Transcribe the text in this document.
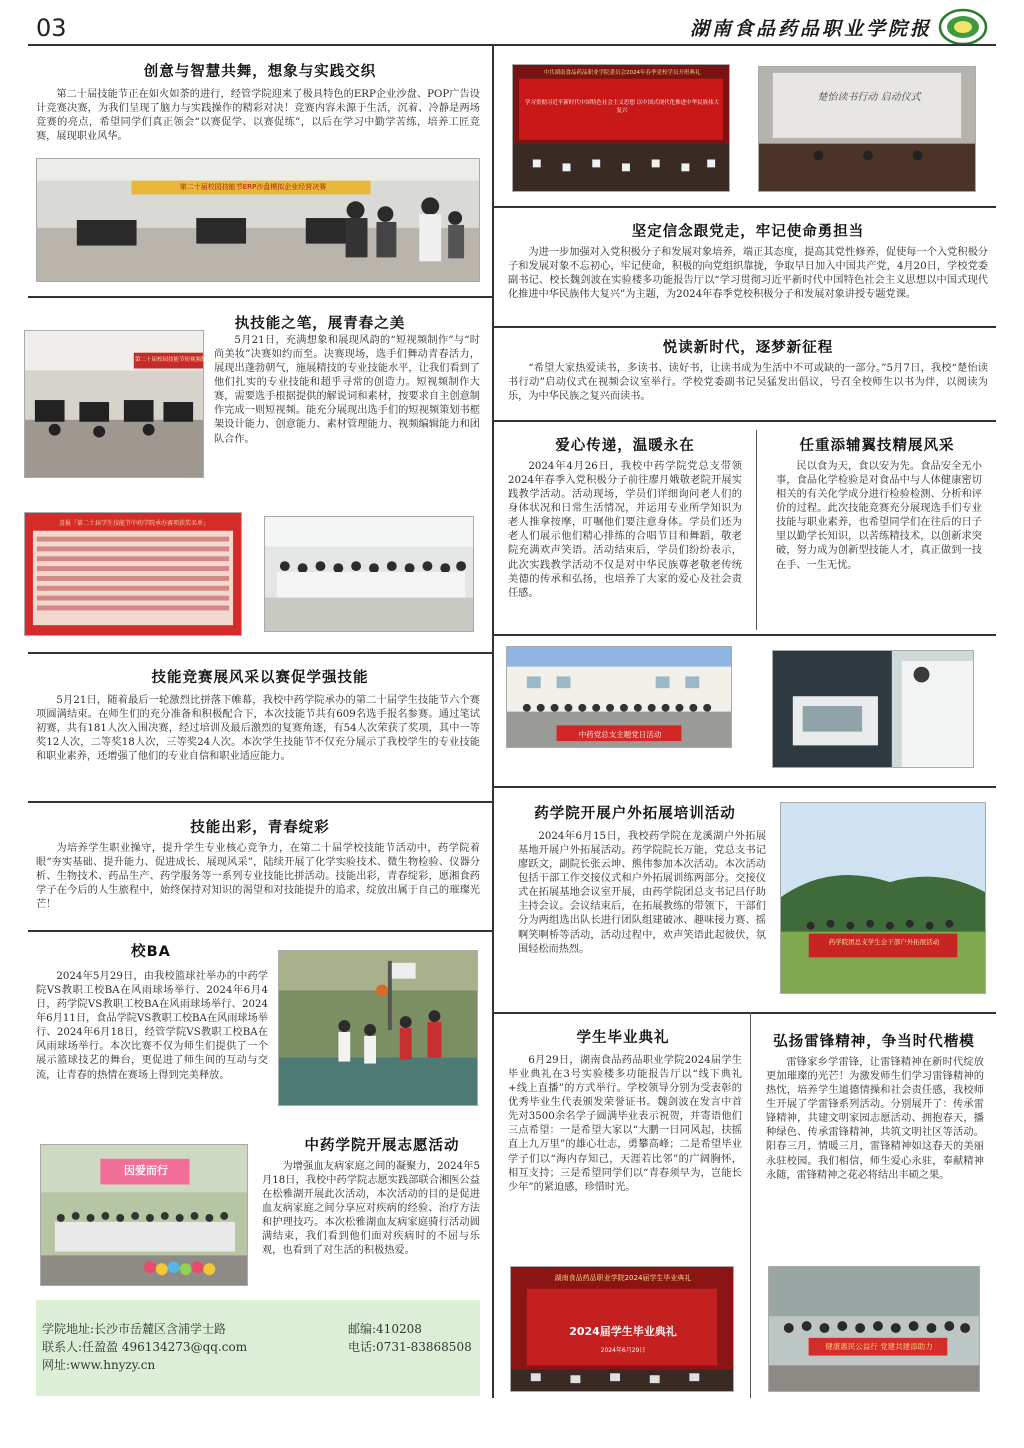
03	湖南食品药品职业学院报
创意与智慧共舞，想象与实践交织
第二十届技能节正在如火如荼的进行，经管学院迎来了极具特色的ERP企业沙盘、POP广告设计竞赛决赛，为我们呈现了脑力与实践操作的精彩对决！竞赛内容未源于生活，沉着、冷静是两场竞赛的亮点，希望同学们真正领会“以赛促学、以赛促练”，以后在学习中勤学苦练，培养工匠竞赛，展现职业风华。
第二十届校园技能节ERP沙盘模拟企业经营决赛
执技能之笔，展青春之美
第二十届校园技能节短视频制作与运营
5月21日，充满想象和展现风韵的“短视频制作”与“时尚美妆”决赛如约而至。决赛现场，选手们舞动青春活力，展现出蓬勃朝气，施展精技的专业技能水平，让我们看到了他们扎实的专业技能和超乎寻常的创造力。短视频制作大赛，需要选手根据提供的解说词和素材，按要求自主创意制作完成一则短视频。能充分展现出选手们的短视频策划书框架设计能力、创意能力、素材管理能力、视频编辑能力和团队合作。
喜报「第二十届学生技能节中药学院承办赛项获奖名单」
技能竞赛展风采以赛促学强技能
5月21日，随着最后一轮激烈比拼落下帷幕，我校中药学院承办的第二十届学生技能节六个赛项圆满结束。在师生们的充分准备和积极配合下，本次技能节共有609名选手报名参赛。通过笔试初赛，共有181人次入围决赛，经过培训及最后激烈的复赛角逐，有54人次荣获了奖项，其中一等奖12人次，二等奖18人次，三等奖24人次。本次学生技能节不仅充分展示了我校学生的专业技能和职业素养，还增强了他们的专业自信和职业适应能力。
技能出彩，青春绽彩
为培养学生职业操守，提升学生专业核心竞争力，在第二十届学校技能节活动中，药学院着眼“夯实基础、提升能力、促进成长、展现风采”，陆续开展了化学实验技术、微生物检验、仪器分析、生物技术、药品生产、药学服务等一系列专业技能比拼活动。技能出彩，青春绽彩，愿湘食药学子在今后的人生旅程中，始终保持对知识的渴望和对技能提升的追求，绽放出属于自己的璀璨光芒！
校BA
2024年5月29日，由我校篮球社举办的中药学院VS教职工校BA在风雨球场举行、2024年6月4日，药学院VS教职工校BA在风雨球场举行、2024年6月11日，食品学院VS教职工校BA在风雨球场举行、2024年6月18日，经管学院VS教职工校BA在风雨球场举行。本次比赛不仅为师生们提供了一个展示篮球技艺的舞台，更促进了师生间的互动与交流，让青春的热情在赛场上得到完美释放。
中药学院开展志愿活动
因爱而行	为增强血友病家庭之间的凝聚力，2024年5月18日，我校中药学院志愿实践部联合湘医公益在松雅湖开展此次活动，本次活动的目的是促进血友病家庭之间分享应对疾病的经验、治疗方法和护理技巧。本次松雅湖血友病家庭骑行活动圆满结束，我们看到他们面对疾病时的不屈与乐观，也看到了对生活的积极热爱。
学院地址:长沙市岳麓区含浦学士路	邮编:410208
联系人:任盈盈 496134273@qq.com	电话:0731-83868508
网址:www.hnyzy.cn
中共湖南食品药品职业学院委员会2024年春季党校学员开班典礼
学习贯彻习近平新时代中国特色社会主义思想 以中国式现代化推进中华民族伟大复兴
楚怡读书行动 启动仪式
坚定信念跟党走，牢记使命勇担当
为进一步加强对入党积极分子和发展对象培养，端正其态度，提高其党性修养，促使每一个入党积极分子和发展对象不忘初心，牢记使命，积极的向党组织靠拢，争取早日加入中国共产党，4月20日，学校党委副书记、校长魏剑波在实验楼多功能报告厅以“学习贯彻习近平新时代中国特色社会主义思想以中国式现代化推进中华民族伟大复兴”为主题，为2024年春季党校积极分子和发展对象讲授专题党课。
悦读新时代，逐梦新征程
“希望大家热爱读书，多读书、读好书，让读书成为生活中不可或缺的一部分。”5月7日，我校“楚怡读书行动”启动仪式在视频会议室举行。学校党委副书记吴猛发出倡议，号召全校师生以书为伴，以阅读为乐，为中华民族之复兴而读书。
爱心传递，温暖永在
2024年4月26日，我校中药学院党总支带领2024年春季入党积极分子前往廖月娥敬老院开展实践教学活动。活动现场，学员们详细询问老人们的身体状况和日常生活情况，并运用专业所学知识为老人推拿按摩，叮嘱他们要注意身体。学员们还为老人们展示他们精心排练的合唱节目和舞蹈，敬老院充满欢声笑语。活动结束后，学员们纷纷表示，此次实践教学活动不仅是对中华民族尊老敬老传统美德的传承和弘扬，也培养了大家的爱心及社会责任感。
任重添辅翼技精展风采
民以食为天，食以安为先。食品安全无小事，食品化学检验是对食品中与人体健康密切相关的有关化学成分进行检验检测、分析和评价的过程。此次技能竞赛充分展现选手们专业技能与职业素养，也希望同学们在往后的日子里以勤学长知识，以苦练精技术，以创新求突破，努力成为创新型技能人才，真正做到一技在手、一生无忧。
中药党总支主题党日活动
药学院开展户外拓展培训活动
2024年6月15日，我校药学院在龙溪湖户外拓展基地开展户外拓展活动。药学院院长万能，党总支书记廖跃文，副院长张云坤、熊伟参加本次活动。本次活动包括干部工作交接仪式和户外拓展训练两部分。交接仪式在拓展基地会议室开展，由药学院团总支书记吕仔助主持会议。会议结束后，在拓展教练的带领下，干部们分为两组选出队长进行团队组建破冰、趣味接力赛、摇啊笑啊桥等活动，活动过程中，欢声笑语此起彼伏，氛围轻松而热烈。
药学院团总支学生会干部户外拓展活动
学生毕业典礼
6月29日，湖南食品药品职业学院2024届学生毕业典礼在3号实验楼多功能报告厅以“线下典礼+线上直播”的方式举行。学校领导分别为受表彰的优秀毕业生代表颁发荣誉证书。魏剑波在发言中首先对3500余名学子圆满毕业表示祝贺，并寄语他们三点希望：一是希望大家以“大鹏一日同风起，扶摇直上九万里”的雄心壮志，勇攀高峰；二是希望毕业学子们以“海内存知己，天涯若比邻”的广阔胸怀，相互支持；三是希望同学们以“青春须早为，岂能长少年”的紧迫感，珍惜时光。
湖南食品药品职业学院2024届学生毕业典礼
2024届学生毕业典礼
2024年6月29日
弘扬雷锋精神，争当时代楷模
雷锋家乡学雷锋，让雷锋精神在新时代绽放更加璀璨的光芒！为激发师生们学习雷锋精神的热忱，培养学生道德情操和社会责任感，我校师生开展了学雷锋系列活动。分别展开了：传承雷锋精神，共建文明家园志愿活动、拥抱春天，播种绿色、传承雷锋精神，共筑文明社区等活动。阳春三月，情暖三月，雷锋精神如这春天的美丽永驻校园。我们相信，师生爱心永驻，奉献精神永随，雷锋精神之花必将结出丰硕之果。
健康惠民公益行 党建共建添助力
